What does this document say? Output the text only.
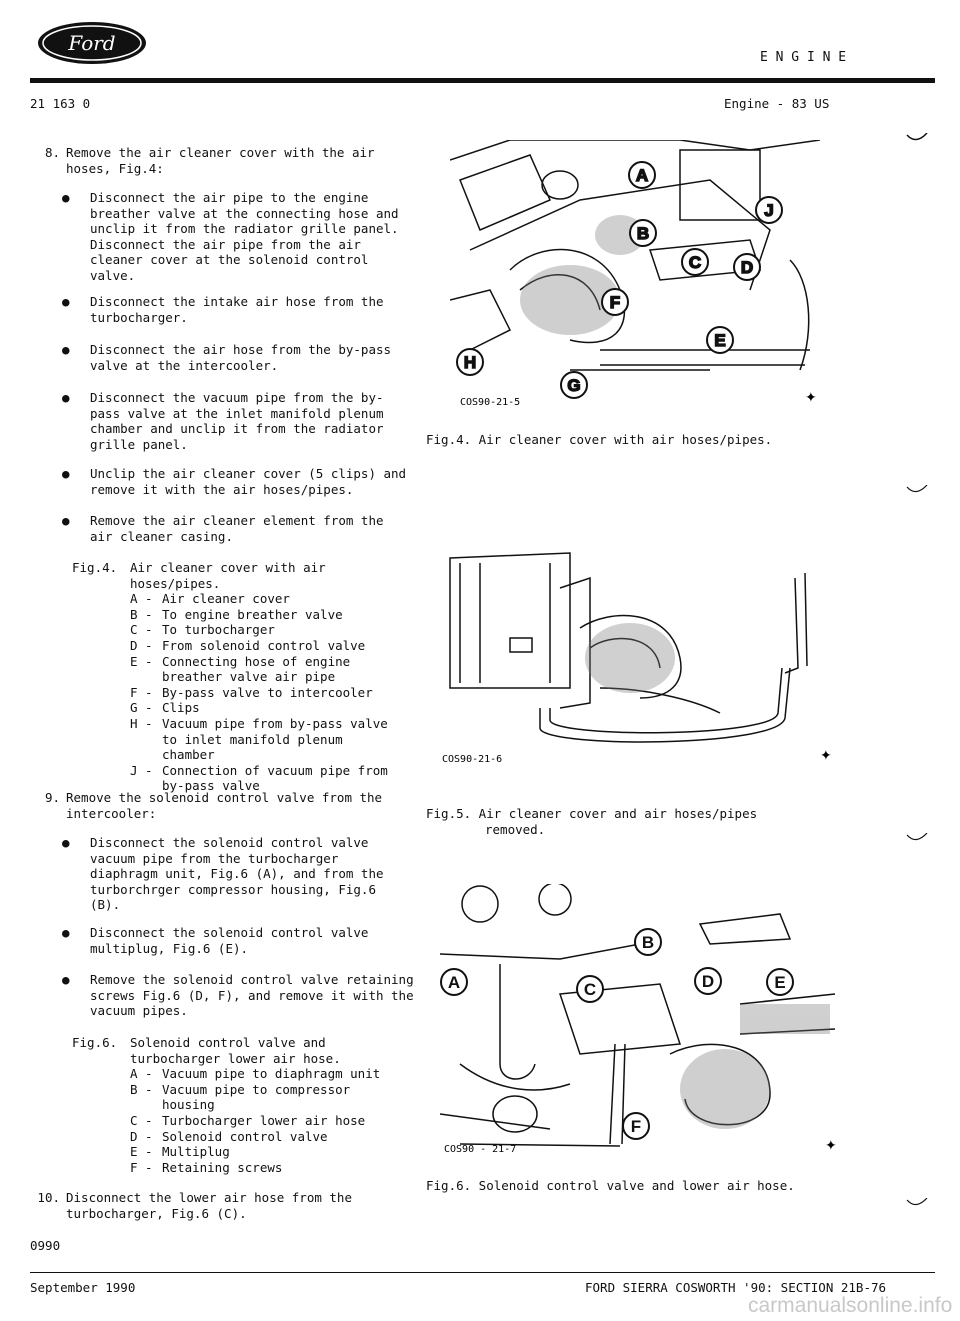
Ford
E N G I N E
21 163 0	Engine - 83 US
8. Remove the air cleaner cover with the air hoses, Fig.4:
●	Disconnect the air pipe to the engine breather valve at the connecting hose and unclip it from the radiator grille panel. Disconnect the air pipe from the air cleaner cover at the solenoid control valve.
●	Disconnect the intake air hose from the turbocharger.
●	Disconnect the air hose from the by-pass valve at the intercooler.
●	Disconnect the vacuum pipe from the by-pass valve at the inlet manifold plenum chamber and unclip it from the radiator grille panel.
●	Unclip the air cleaner cover (5 clips) and remove it with the air hoses/pipes.
●	Remove the air cleaner element from the air cleaner casing.
Fig.4.	Air cleaner cover with air hoses/pipes.
A - Air cleaner cover
B - To engine breather valve
C - To turbocharger
D - From solenoid control valve
E - Connecting hose of engine breather valve air pipe
F - By-pass valve to intercooler
G - Clips
H - Vacuum pipe from by-pass valve to inlet manifold plenum chamber
J - Connection of vacuum pipe from by-pass valve
9. Remove the solenoid control valve from the intercooler:
●	Disconnect the solenoid control valve vacuum pipe from the turbocharger diaphragm unit, Fig.6 (A), and from the turborchrger compressor housing, Fig.6 (B).
●	Disconnect the solenoid control valve multiplug, Fig.6 (E).
●	Remove the solenoid control valve retaining screws Fig.6 (D, F), and remove it with the vacuum pipes.
Fig.6.	Solenoid control valve and turbocharger lower air hose.
A - Vacuum pipe to diaphragm unit
B - Vacuum pipe to compressor housing
C - Turbocharger lower air hose
D - Solenoid control valve
E - Multiplug
F - Retaining screws
10. Disconnect the lower air hose from the turbocharger, Fig.6 (C).
0990
A
B
C D
E
F
G
H
J
COS90-21-5	✦
Fig.4. Air cleaner cover with air hoses/pipes.
COS90-21-6	✦
Fig.5. Air cleaner cover and air hoses/pipes
removed.
A
B
C	D	E
F
COS90 - 21-7	✦
Fig.6. Solenoid control valve and lower air hose.
September 1990	FORD SIERRA COSWORTH '90: SECTION 21B-76
carmanualsonline.info
